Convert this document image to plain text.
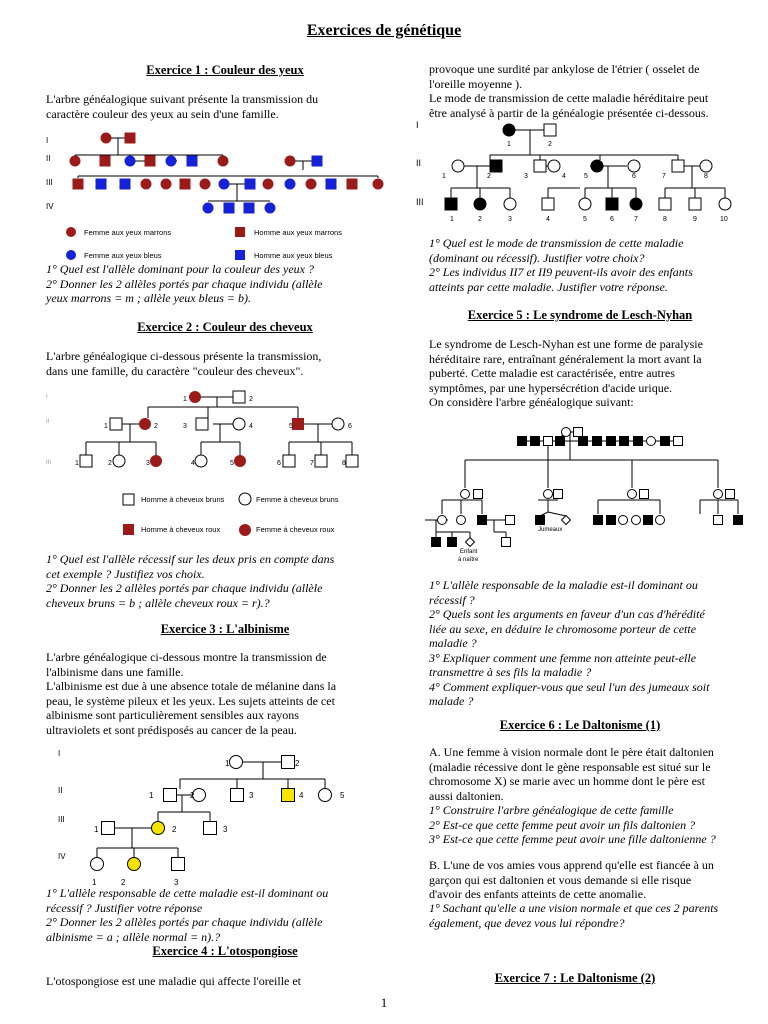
Exercices de génétique
Exercice 1 : Couleur des yeux
L'arbre généalogique suivant présente la transmission du
caractère couleur des yeux au sein d'une famille.
I
II
III
IV
Femme aux yeux marrons	Homme aux yeux marrons
Femme aux yeux bleus	Homme aux yeux bleus
1° Quel est l'allèle dominant pour la couleur des yeux ?
2° Donner les 2 allèles portés par chaque individu (allèle
yeux marrons = m ; allèle yeux bleus = b).
Exercice 2 : Couleur des cheveux
L'arbre généalogique ci-dessous présente la transmission,
dans une famille, du caractère "couleur des cheveux".
I
II
III
1	2
1	2	3	4	5	6
1	2	3	4	5	6	7	8
Homme à cheveux bruns	Femme à cheveux bruns
Homme à cheveux roux	Femme à cheveux roux
1° Quel est l'allèle récessif sur les deux pris en compte dans
cet exemple ? Justifiez vos choix.
2° Donner les 2 allèles portés par chaque individu (allèle
cheveux bruns = b ; allèle cheveux roux = r).?
Exercice 3 : L'albinisme
L'arbre généalogique ci-dessous montre la transmission de
l'albinisme dans une famille.
L'albinisme est due à une absence totale de mélanine dans la
peau, le système pileux et les yeux. Les sujets atteints de cet
albinisme sont particulièrement sensibles aux rayons
ultraviolets et sont prédisposés au cancer de la peau.
I
II
III
IV
1	2
1	2	3	4	5
1	2	3
1	2	3
1° L'allèle responsable de cette maladie est-il dominant ou
récessif ? Justifier votre réponse
2° Donner les 2 allèles portés par chaque individu (allèle
albinisme = a ; allèle normal = n).?
Exercice 4 : L'otospongiose
L'otospongiose est une maladie qui affecte l'oreille et
provoque une surdité par ankylose de l'étrier ( osselet de
l'oreille moyenne ).
Le mode de transmission de cette maladie héréditaire peut
être analysé à partir de la généalogie présentée ci-dessous.
I
II
III
1	2
1	2	3	4	5	6	7	8
1	2	3	4	5	6	7	8	9	10
1° Quel est le mode de transmission de cette maladie
(dominant ou récessif). Justifier votre choix?
2° Les individus II7 et II9 peuvent-ils avoir des enfants
atteints par cette maladie. Justifier votre réponse.
Exercice 5 : Le syndrome de Lesch-Nyhan
Le syndrome de Lesch-Nyhan est une forme de paralysie
héréditaire rare, entraînant généralement la mort avant la
puberté. Cette maladie est caractérisée, entre autres
symptômes, par une hypersécrétion d'acide urique.
On considère l'arbre généalogique suivant:
Jumeaux
Enfant
à naître
1° L'allèle responsable de la maladie est-il dominant ou
récessif ?
2° Quels sont les arguments en faveur d'un cas d'hérédité
liée au sexe, en déduire le chromosome porteur de cette
maladie ?
3° Expliquer comment une femme non atteinte peut-elle
transmettre à ses fils la maladie ?
4° Comment expliquer-vous que seul l'un des jumeaux soit
malade ?
Exercice 6 : Le Daltonisme (1)
A. Une femme à vision normale dont le père était daltonien
(maladie récessive dont le gène responsable est situé sur le
chromosome X) se marie avec un homme dont le père est
aussi daltonien.
1° Construire l'arbre généalogique de cette famille
2° Est-ce que cette femme peut avoir un fils daltonien ?
3° Est-ce que cette femme peut avoir une fille daltonienne ?
B. L'une de vos amies vous apprend qu'elle est fiancée à un
garçon qui est daltonien et vous demande si elle risque
d'avoir des enfants atteints de cette anomalie.
1° Sachant qu'elle a une vision normale et que ces 2 parents
également, que devez vous lui répondre?
Exercice 7 : Le Daltonisme (2)
1
